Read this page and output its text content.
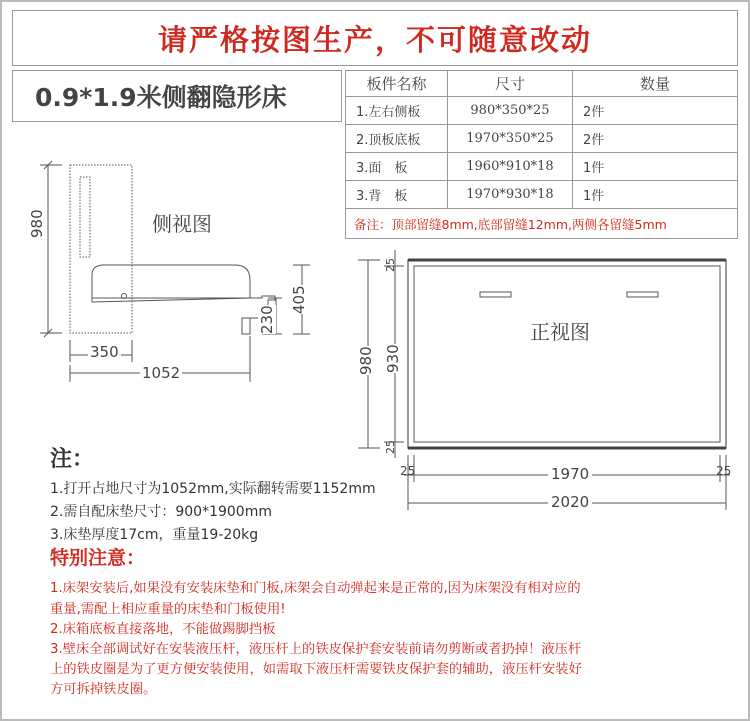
请严格按图生产，不可随意改动
0.9*1.9米侧翻隐形床	板件名称	尺寸	数量
1.左右侧板	980*350*25	2件
2.顶板底板	1970*350*25	2件
3.面　板	1960*910*18	1件
3.背　板	1970*930*18	1件
备注：顶部留缝8mm,底部留缝12mm,两侧各留缝5mm		
侧视图
980
350
1052
230
405
正视图
980 930
25
25
25	25
1970
2020
注：
1.打开占地尺寸为1052mm,实际翻转需要1152mm
2.需自配床垫尺寸：900*1900mm
3.床垫厚度17cm，重量19-20kg
特别注意：
1.床架安装后,如果没有安装床垫和门板,床架会自动弹起来是正常的,因为床架没有相对应的
重量,需配上相应重量的床垫和门板使用!
2.床箱底板直接落地，不能做踢脚挡板
3.壁床全部调试好在安装液压杆，液压杆上的铁皮保护套安装前请勿剪断或者扔掉！液压杆
上的铁皮圈是为了更方便安装使用，如需取下液压杆需要铁皮保护套的辅助，液压杆安装好
方可拆掉铁皮圈。
